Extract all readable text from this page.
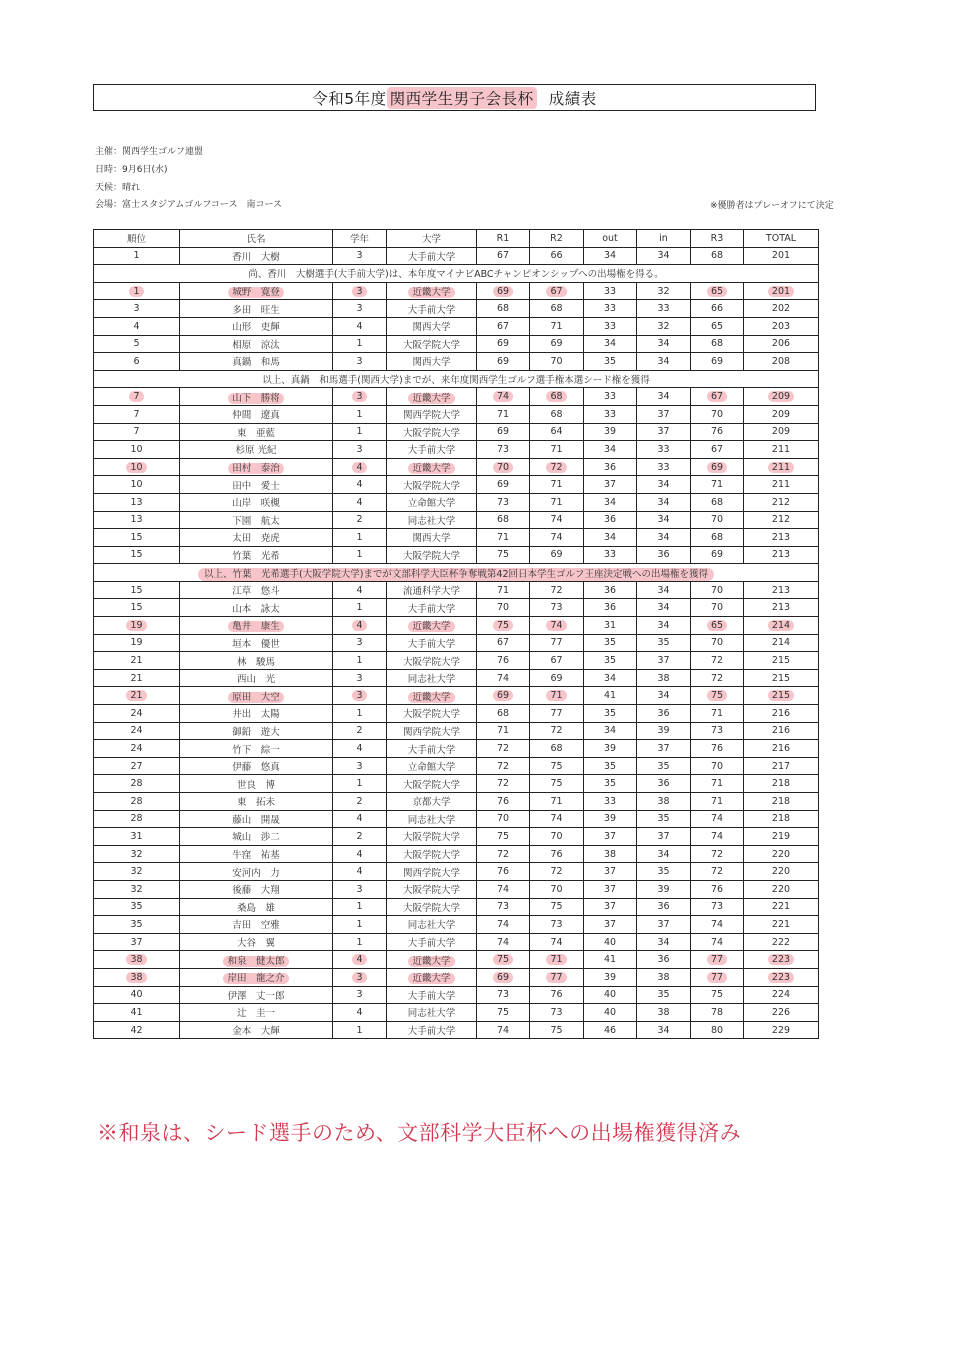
令和5年度 関西学生男子会長杯 成績表
主催：関西学生ゴルフ連盟
日時：9月6日(水)
天候：晴れ
会場：富士スタジアムゴルフコース　南コース	※優勝者はプレーオフにて決定
順位	氏名	学年	大学	R1	R2	out	in	R3	TOTAL
1	香川　大樹	3	大手前大学	67	66	34	34	68	201
尚、香川　大樹選手(大手前大学)は、本年度マイナビABCチャンピオンシップへの出場権を得る。									
1	城野　寛登	3	近畿大学	69	67	33	32	65	201
3	多田　旺生	3	大手前大学	68	68	33	33	66	202
4	山形　吏輝	4	関西大学	67	71	33	32	65	203
5	相原　涼汰	1	大阪学院大学	69	69	34	34	68	206
6	真鍋　和馬	3	関西大学	69	70	35	34	69	208
以上、真鍋　和馬選手(関西大学)までが、来年度関西学生ゴルフ選手権本選シード権を獲得									
7	山下　勝将	3	近畿大学	74	68	33	34	67	209
7	仲間　遼真	1	関西学院大学	71	68	33	37	70	209
7	東　亜藍	1	大阪学院大学	69	64	39	37	76	209
10	杉原 光紀	3	大手前大学	73	71	34	33	67	211
10	田村　泰治	4	近畿大学	70	72	36	33	69	211
10	田中　愛士	4	大阪学院大学	69	71	37	34	71	211
13	山岸　咲槻	4	立命館大学	73	71	34	34	68	212
13	下園　航太	2	同志社大学	68	74	36	34	70	212
15	太田　尭虎	1	関西大学	71	74	34	34	68	213
15	竹葉　光希	1	大阪学院大学	75	69	33	36	69	213
以上、竹葉　光希選手(大阪学院大学)までが文部科学大臣杯争奪戦第42回日本学生ゴルフ王座決定戦への出場権を獲得									
15	江草　悠斗	4	流通科学大学	71	72	36	34	70	213
15	山本　詠太	1	大手前大学	70	73	36	34	70	213
19	亀井　康生	4	近畿大学	75	74	31	34	65	214
19	垣本　優世	3	大手前大学	67	77	35	35	70	214
21	林　駿馬	1	大阪学院大学	76	67	35	37	72	215
21	西山　光	3	同志社大学	74	69	34	38	72	215
21	原田　大空	3	近畿大学	69	71	41	34	75	215
24	井出　太陽	1	大阪学院大学	68	77	35	36	71	216
24	御鉛　遊大	2	関西学院大学	71	72	34	39	73	216
24	竹下　綜一	4	大手前大学	72	68	39	37	76	216
27	伊藤　悠真	3	立命館大学	72	75	35	35	70	217
28	世良　博	1	大阪学院大学	72	75	35	36	71	218
28	東　拓未	2	京都大学	76	71	33	38	71	218
28	藤山　開晟	4	同志社大学	70	74	39	35	74	218
31	城山　渉二	2	大阪学院大学	75	70	37	37	74	219
32	牛窪　祐基	4	大阪学院大学	72	76	38	34	72	220
32	安河内　力	4	関西学院大学	76	72	37	35	72	220
32	後藤　大翔	3	大阪学院大学	74	70	37	39	76	220
35	桑島　雄	1	大阪学院大学	73	75	37	36	73	221
35	吉田　空雅	1	同志社大学	74	73	37	37	74	221
37	大谷　翼	1	大手前大学	74	74	40	34	74	222
38	和泉　健太郎	4	近畿大学	75	71	41	36	77	223
38	岸田　龍之介	3	近畿大学	69	77	39	38	77	223
40	伊澤　丈一郎	3	大手前大学	73	76	40	35	75	224
41	辻　圭一	4	同志社大学	75	73	40	38	78	226
42	金本　大輝	1	大手前大学	74	75	46	34	80	229
※和泉は、シード選手のため、文部科学大臣杯への出場権獲得済み
